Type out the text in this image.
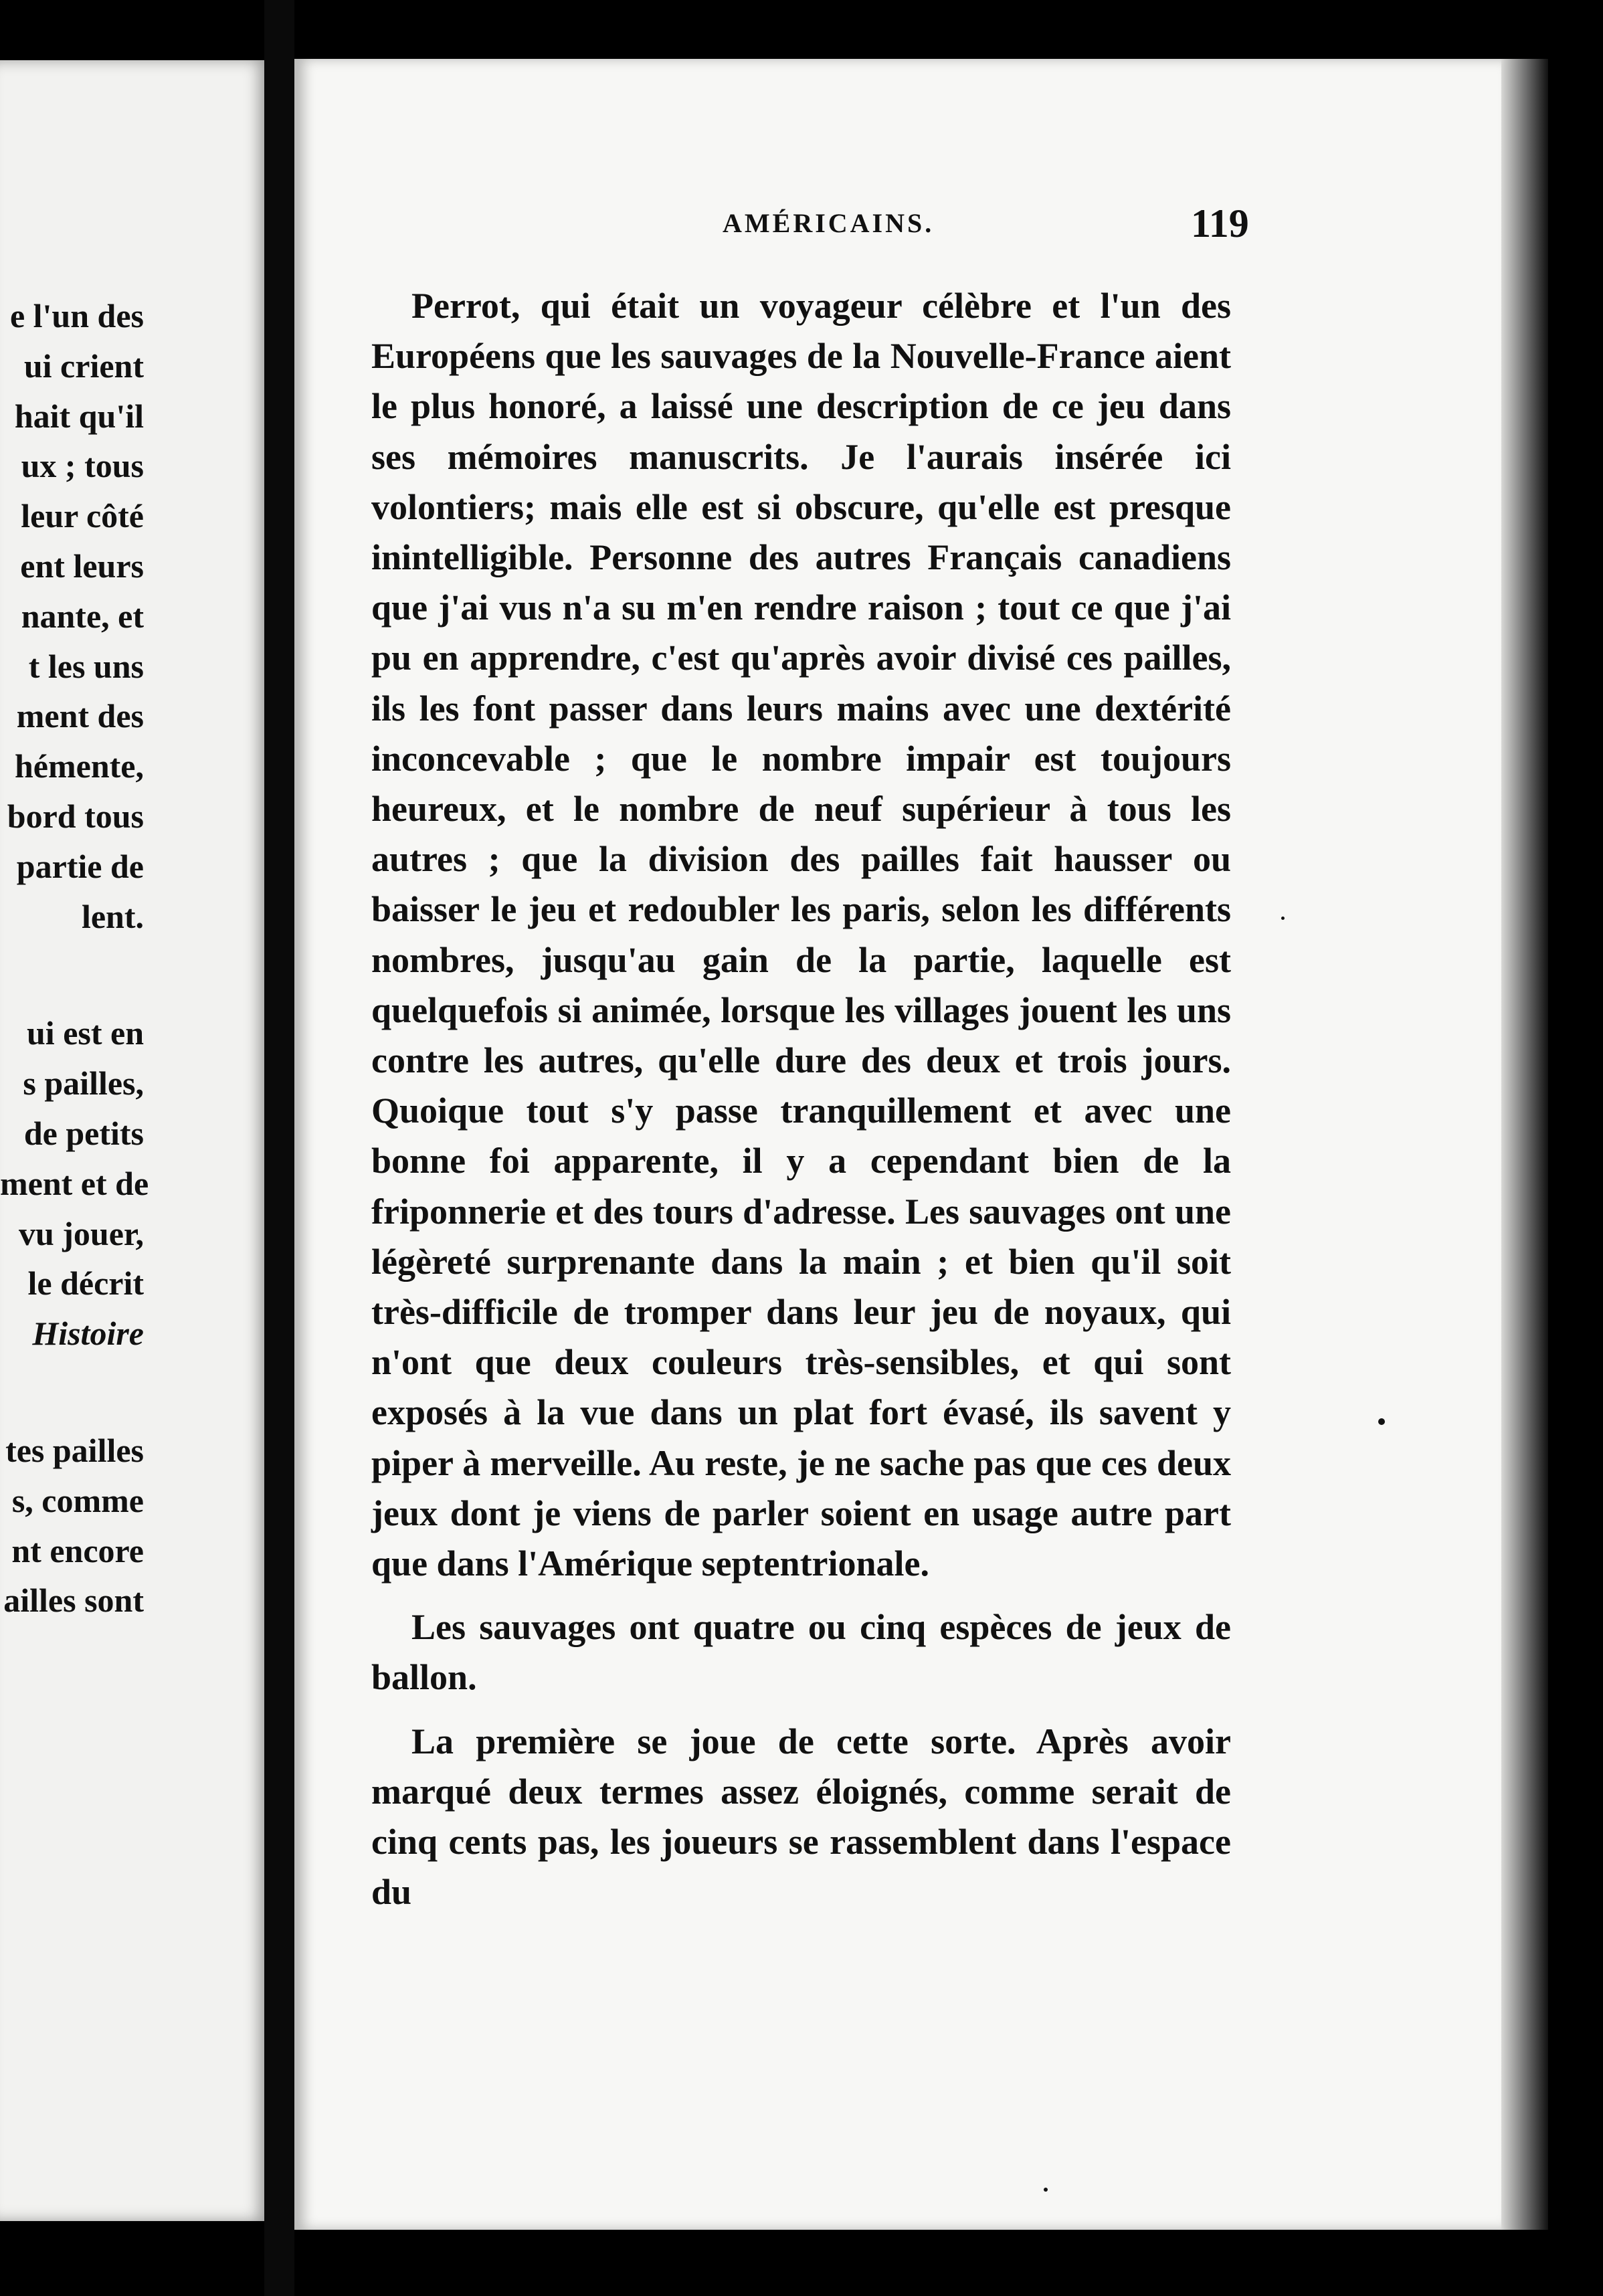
e l'un des
ui crient
hait qu'il
ux ; tous
leur côté
ent leurs
nante, et
t les uns
ment des
hémente,
bord tous
partie de
lent.
ui est en
s pailles,
de petits
ment et de
vu jouer,
le décrit
Histoire
tes pailles
s, comme
nt encore
ailles sont
AMÉRICAINS.	119

Perrot, qui était un voyageur célèbre et l'un des Européens que les sauvages de la Nouvelle-France aient le plus honoré, a laissé une description de ce jeu dans ses mémoires manuscrits. Je l'aurais insérée ici volontiers; mais elle est si obscure, qu'elle est presque inintelligible. Personne des autres Français canadiens que j'ai vus n'a su m'en rendre raison ; tout ce que j'ai pu en apprendre, c'est qu'après avoir divisé ces pailles, ils les font passer dans leurs mains avec une dextérité inconcevable ; que le nombre impair est toujours heureux, et le nombre de neuf supérieur à tous les autres ; que la division des pailles fait hausser ou baisser le jeu et redoubler les paris, selon les différents nombres, jusqu'au gain de la partie, laquelle est quelquefois si animée, lorsque les villages jouent les uns contre les autres, qu'elle dure des deux et trois jours. Quoique tout s'y passe tranquillement et avec une bonne foi apparente, il y a cependant bien de la friponnerie et des tours d'adresse. Les sauvages ont une légèreté surprenante dans la main ; et bien qu'il soit très-difficile de tromper dans leur jeu de noyaux, qui n'ont que deux couleurs très-sensibles, et qui sont exposés à la vue dans un plat fort évasé, ils savent y piper à merveille. Au reste, je ne sache pas que ces deux jeux dont je viens de parler soient en usage autre part que dans l'Amérique septentrionale.

Les sauvages ont quatre ou cinq espèces de jeux de ballon.

La première se joue de cette sorte. Après avoir marqué deux termes assez éloignés, comme serait de cinq cents pas, les joueurs se rassemblent dans l'espace du
